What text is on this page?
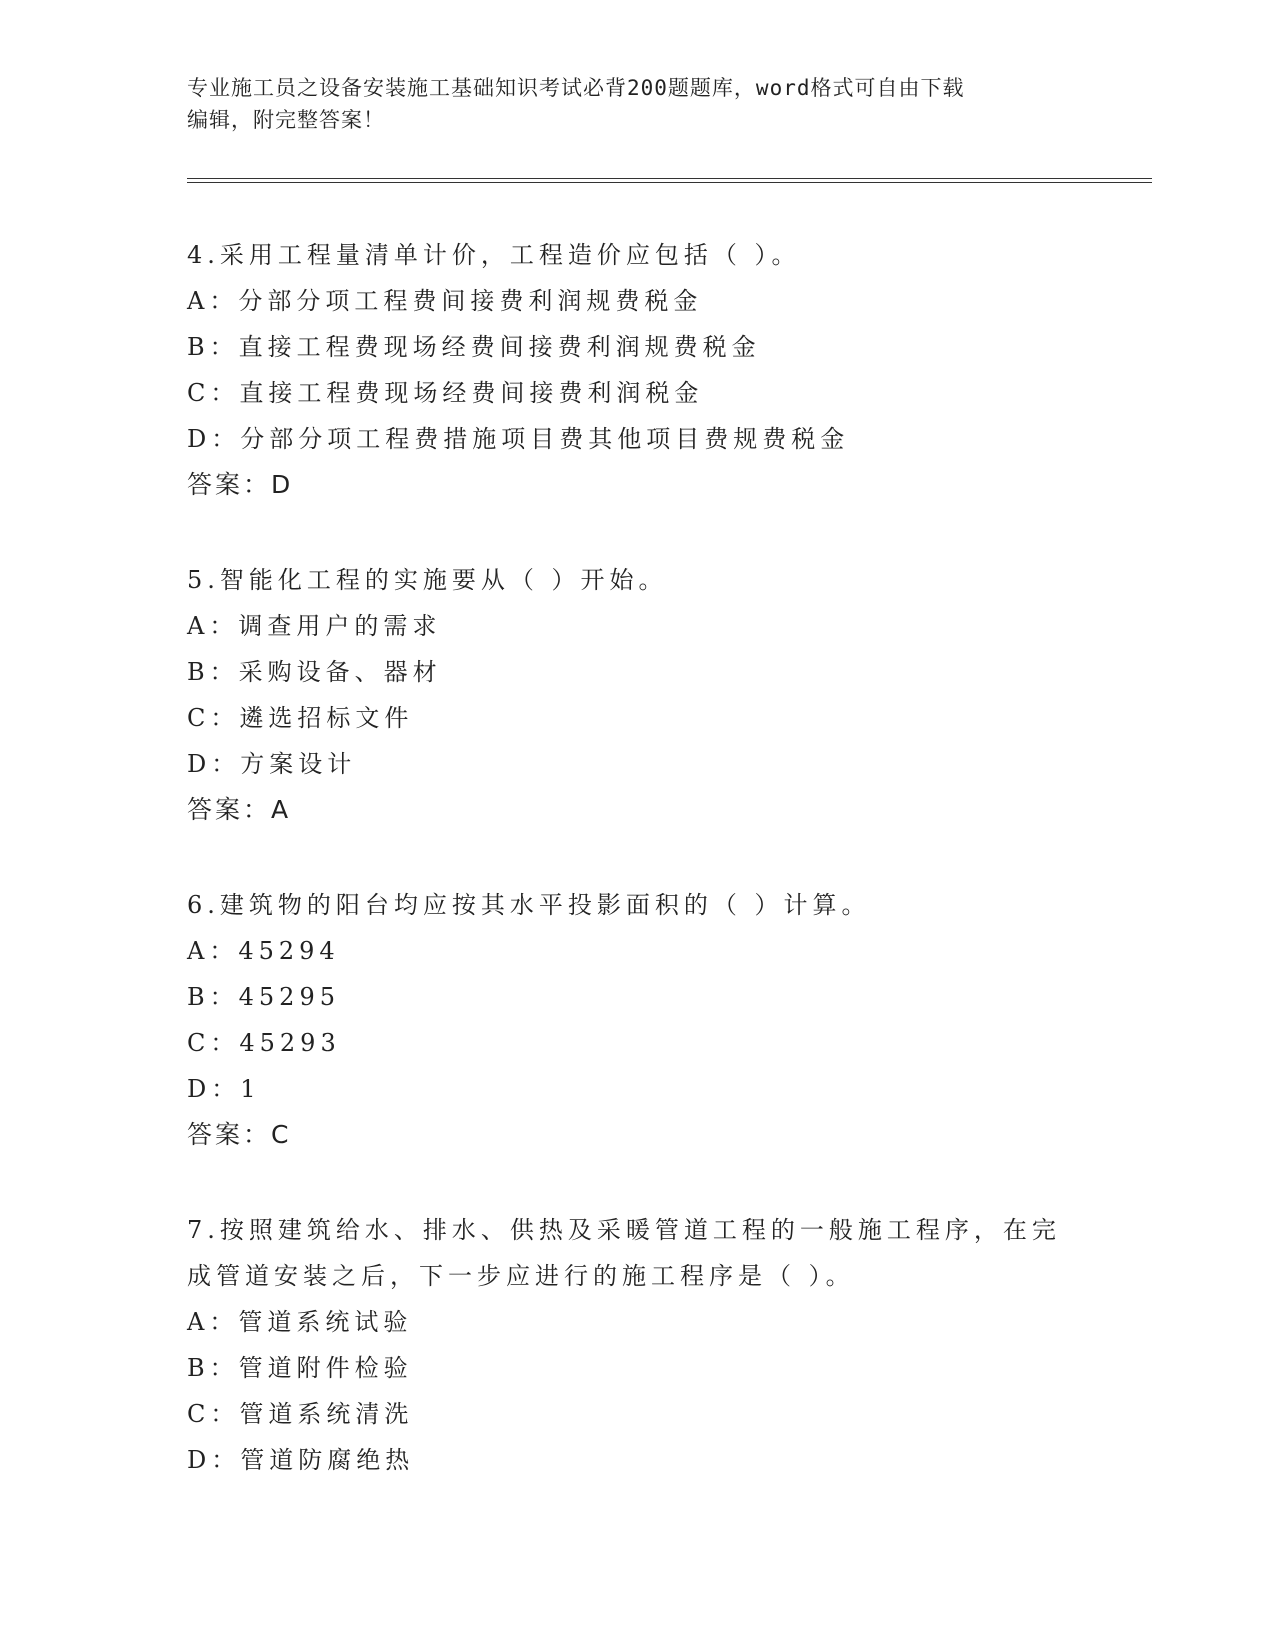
专业施工员之设备安装施工基础知识考试必背200题题库，word格式可自由下载
编辑，附完整答案！
4.采用工程量清单计价，工程造价应包括（ ）。
A：分部分项工程费间接费利润规费税金
B：直接工程费现场经费间接费利润规费税金
C：直接工程费现场经费间接费利润税金
D：分部分项工程费措施项目费其他项目费规费税金
答案：D
5.智能化工程的实施要从（ ）开始。
A：调查用户的需求
B：采购设备、器材
C：遴选招标文件
D：方案设计
答案：A
6.建筑物的阳台均应按其水平投影面积的（ ）计算。
A：45294
B：45295
C：45293
D：1
答案：C
7.按照建筑给水、排水、供热及采暖管道工程的一般施工程序，在完
成管道安装之后，下一步应进行的施工程序是（ ）。
A：管道系统试验
B：管道附件检验
C：管道系统清洗
D：管道防腐绝热
